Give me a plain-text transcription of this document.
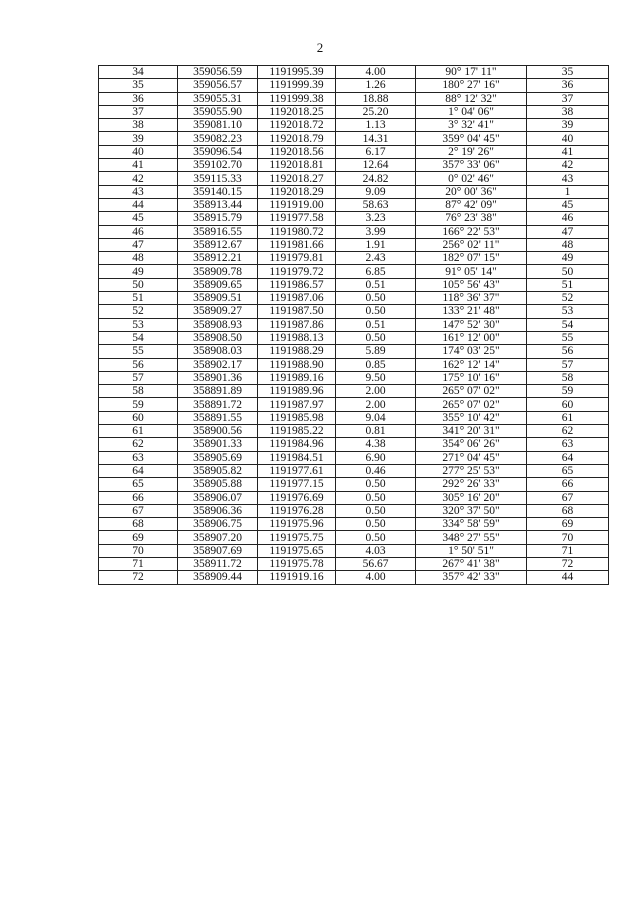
2
34	359056.59	1191995.39	4.00	90° 17' 11"	35
35	359056.57	1191999.39	1.26	180° 27' 16"	36
36	359055.31	1191999.38	18.88	88° 12' 32"	37
37	359055.90	1192018.25	25.20	1° 04' 06"	38
38	359081.10	1192018.72	1.13	3° 32' 41"	39
39	359082.23	1192018.79	14.31	359° 04' 45"	40
40	359096.54	1192018.56	6.17	2° 19' 26"	41
41	359102.70	1192018.81	12.64	357° 33' 06"	42
42	359115.33	1192018.27	24.82	0° 02' 46"	43
43	359140.15	1192018.29	9.09	20° 00' 36"	1
44	358913.44	1191919.00	58.63	87° 42' 09"	45
45	358915.79	1191977.58	3.23	76° 23' 38"	46
46	358916.55	1191980.72	3.99	166° 22' 53"	47
47	358912.67	1191981.66	1.91	256° 02' 11"	48
48	358912.21	1191979.81	2.43	182° 07' 15"	49
49	358909.78	1191979.72	6.85	91° 05' 14"	50
50	358909.65	1191986.57	0.51	105° 56' 43"	51
51	358909.51	1191987.06	0.50	118° 36' 37"	52
52	358909.27	1191987.50	0.50	133° 21' 48"	53
53	358908.93	1191987.86	0.51	147° 52' 30"	54
54	358908.50	1191988.13	0.50	161° 12' 00"	55
55	358908.03	1191988.29	5.89	174° 03' 25"	56
56	358902.17	1191988.90	0.85	162° 12' 14"	57
57	358901.36	1191989.16	9.50	175° 10' 16"	58
58	358891.89	1191989.96	2.00	265° 07' 02"	59
59	358891.72	1191987.97	2.00	265° 07' 02"	60
60	358891.55	1191985.98	9.04	355° 10' 42"	61
61	358900.56	1191985.22	0.81	341° 20' 31"	62
62	358901.33	1191984.96	4.38	354° 06' 26"	63
63	358905.69	1191984.51	6.90	271° 04' 45"	64
64	358905.82	1191977.61	0.46	277° 25' 53"	65
65	358905.88	1191977.15	0.50	292° 26' 33"	66
66	358906.07	1191976.69	0.50	305° 16' 20"	67
67	358906.36	1191976.28	0.50	320° 37' 50"	68
68	358906.75	1191975.96	0.50	334° 58' 59"	69
69	358907.20	1191975.75	0.50	348° 27' 55"	70
70	358907.69	1191975.65	4.03	1° 50' 51"	71
71	358911.72	1191975.78	56.67	267° 41' 38"	72
72	358909.44	1191919.16	4.00	357° 42' 33"	44
